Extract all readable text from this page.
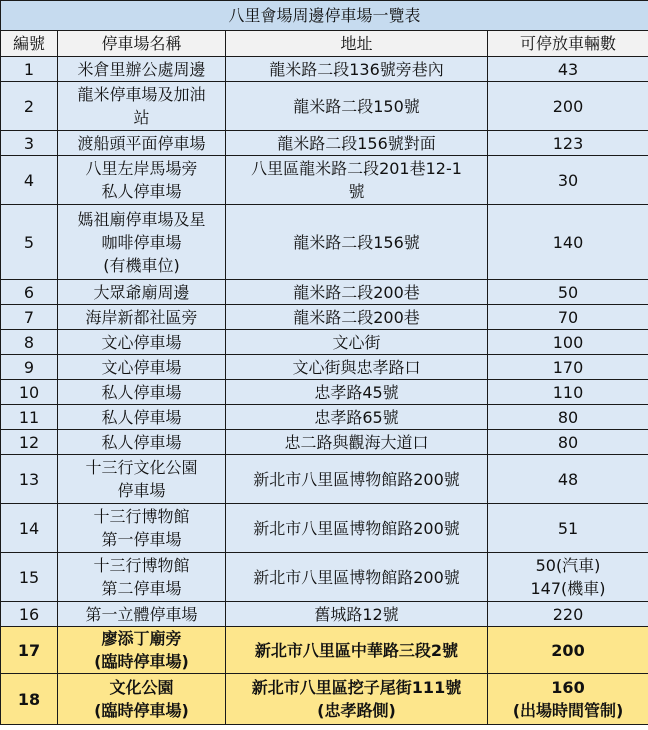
八里會場周邊停車場一覽表			
編號	停車場名稱	地址	可停放車輛數
1	米倉里辦公處周邊	龍米路二段136號旁巷內	43

2	龍米停車場及加油
站	龍米路二段150號	200

3	渡船頭平面停車場	龍米路二段156號對面	123

4	八里左岸馬場旁
私人停車場	八里區龍米路二段201巷12-1
號	30

5	媽祖廟停車場及星
咖啡停車場
(有機車位)	龍米路二段156號	140

6	大眾爺廟周邊	龍米路二段200巷	50

7	海岸新都社區旁	龍米路二段200巷	70

8	文心停車場	文心街	100

9	文心停車場	文心街與忠孝路口	170

10	私人停車場	忠孝路45號	110

11	私人停車場	忠孝路65號	80

12	私人停車場	忠二路與觀海大道口	80

13	十三行文化公園
停車場	新北市八里區博物館路200號	48

14	十三行博物館
第一停車場	新北市八里區博物館路200號	51

15	十三行博物館
第二停車場	新北市八里區博物館路200號	50(汽車)
147(機車)

16	第一立體停車場	舊城路12號	220

17	廖添丁廟旁
(臨時停車場)	新北市八里區中華路三段2號	200

18	文化公園
(臨時停車場)	新北市八里區挖子尾街111號
(忠孝路側)	160
(出場時間管制)
